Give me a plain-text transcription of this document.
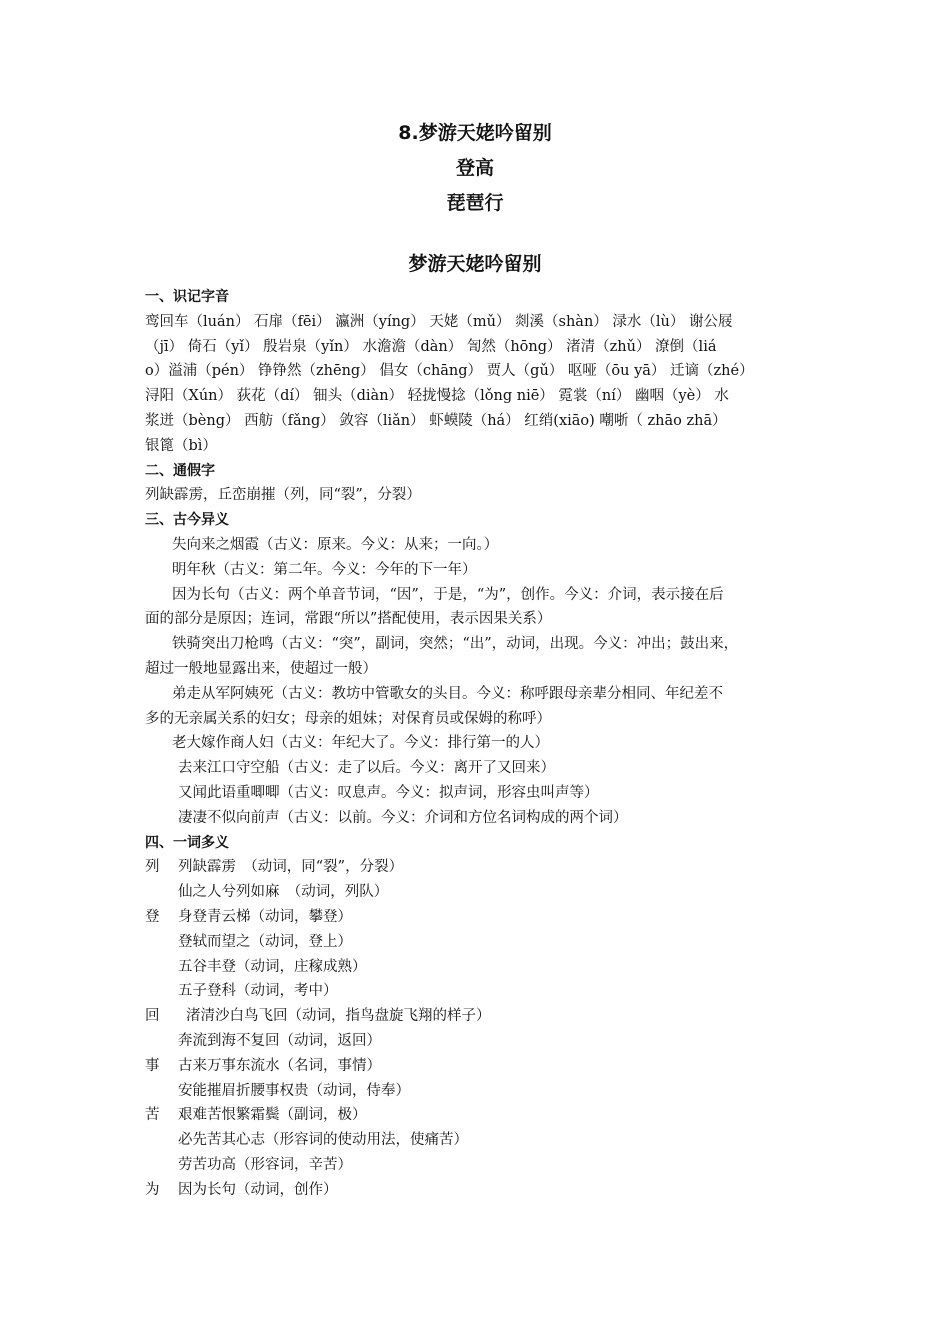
8.梦游天姥吟留别
登高
琵琶行
梦游天姥吟留别
一、识记字音
鸾回车（luán） 石扉（fēi） 瀛洲（yíng） 天姥（mǔ） 剡溪（shàn） 渌水（lù） 谢公屐
（jī） 倚石（yǐ） 殷岩泉（yǐn） 水澹澹（dàn） 訇然（hōng） 渚清（zhǔ） 潦倒（liá
o）溢浦（pén） 铮铮然（zhēng） 倡女（chāng） 贾人（gǔ） 呕哑（ōu yā） 迁谪（zhé）
浔阳（Xún） 荻花（dí） 钿头（diàn） 轻拢慢捻（lǒng niē） 霓裳（ní） 幽咽（yè） 水
浆迸（bèng） 西舫（fǎng） 敛容（liǎn） 虾蟆陵（há） 红绡(xiāo) 嘲哳（ zhāo zhā）
银篦（bì）
二、通假字
列缺霹雳，丘峦崩摧（列，同“裂”，分裂）
三、古今异义
失向来之烟霞（古义：原来。今义：从来；一向。）
明年秋（古义：第二年。今义：今年的下一年）
因为长句（古义：两个单音节词，“因”，于是，“为”，创作。今义：介词，表示接在后
面的部分是原因；连词，常跟“所以”搭配使用，表示因果关系）
铁骑突出刀枪鸣（古义：“突”，副词，突然；“出”，动词，出现。今义：冲出；鼓出来，
超过一般地显露出来，使超过一般）
弟走从军阿姨死（古义：教坊中管歌女的头目。今义：称呼跟母亲辈分相同、年纪差不
多的无亲属关系的妇女；母亲的姐妹；对保育员或保姆的称呼）
老大嫁作商人妇（古义：年纪大了。今义：排行第一的人）
去来江口守空船（古义：走了以后。今义：离开了又回来）
又闻此语重唧唧（古义：叹息声。今义：拟声词，形容虫叫声等）
凄凄不似向前声（古义：以前。今义：介词和方位名词构成的两个词）
四、一词多义
列	列缺霹雳　（动词，同“裂”，分裂）
仙之人兮列如麻　（动词，列队）
登	身登青云梯（动词，攀登）
登轼而望之（动词，登上）
五谷丰登（动词，庄稼成熟）
五子登科（动词，考中）
回	渚清沙白鸟飞回（动词，指鸟盘旋飞翔的样子）
奔流到海不复回（动词，返回）
事	古来万事东流水（名词，事情）
安能摧眉折腰事权贵（动词，侍奉）
苦	艰难苦恨繁霜鬓（副词，极）
必先苦其心志（形容词的使动用法，使痛苦）
劳苦功高（形容词，辛苦）
为	因为长句（动词，创作）
